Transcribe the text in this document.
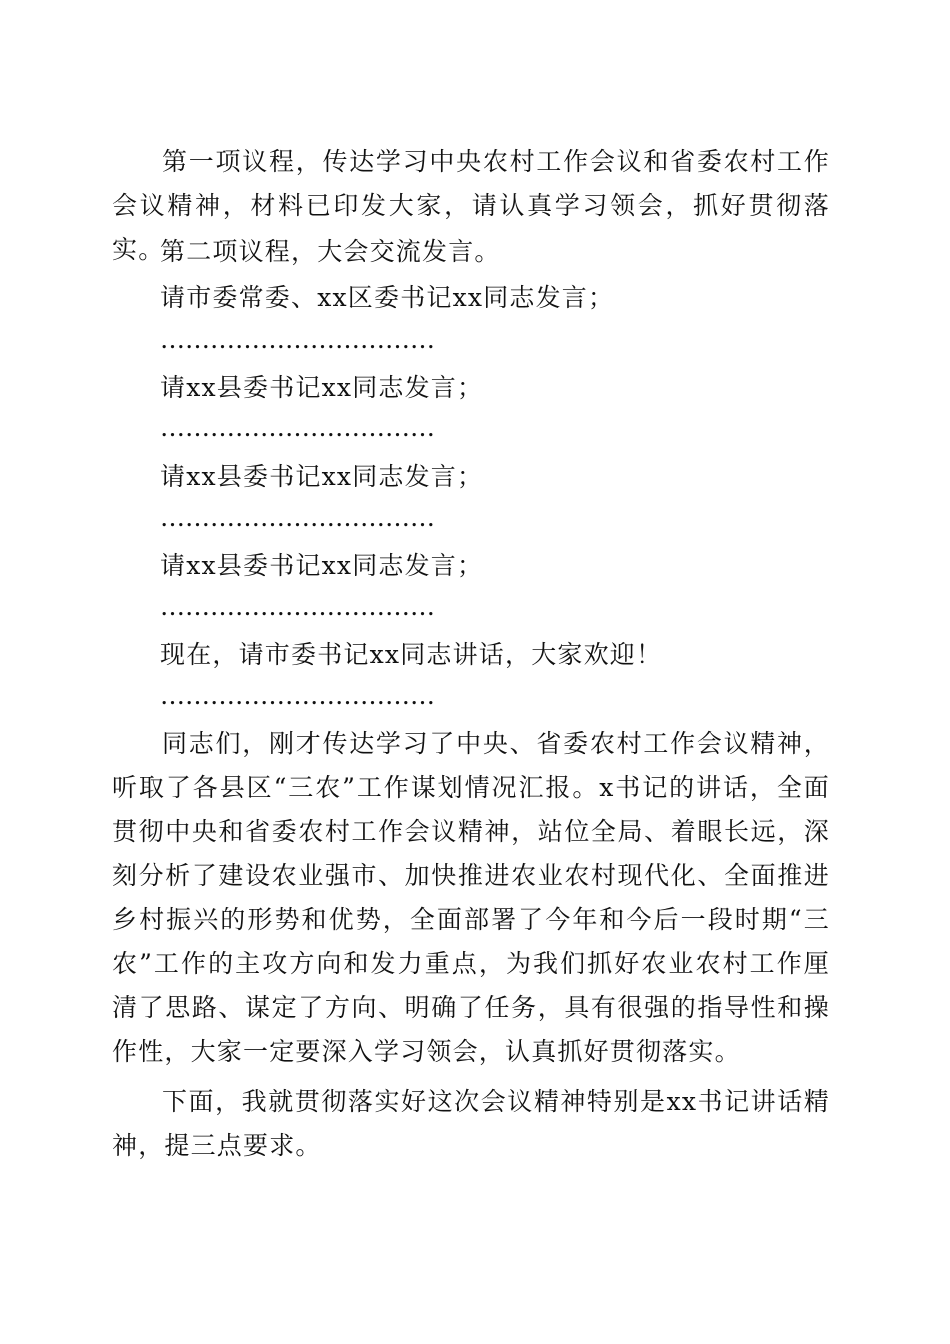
第一项议程，传达学习中央农村工作会议和省委农村工作会议精神，材料已印发大家，请认真学习领会，抓好贯彻落实。

第二项议程，大会交流发言。

请市委常委、xx区委书记xx同志发言；

……………………………

请xx县委书记xx同志发言；

……………………………

请xx县委书记xx同志发言；

……………………………

请xx县委书记xx同志发言；

……………………………

现在，请市委书记xx同志讲话，大家欢迎！

……………………………

同志们，刚才传达学习了中央、省委农村工作会议精神，听取了各县区“三农”工作谋划情况汇报。x书记的讲话，全面贯彻中央和省委农村工作会议精神，站位全局、着眼长远，深刻分析了建设农业强市、加快推进农业农村现代化、全面推进乡村振兴的形势和优势，全面部署了今年和今后一段时期“三农”工作的主攻方向和发力重点，为我们抓好农业农村工作厘清了思路、谋定了方向、明确了任务，具有很强的指导性和操作性，大家一定要深入学习领会，认真抓好贯彻落实。

下面，我就贯彻落实好这次会议精神特别是xx书记讲话精神，提三点要求。
